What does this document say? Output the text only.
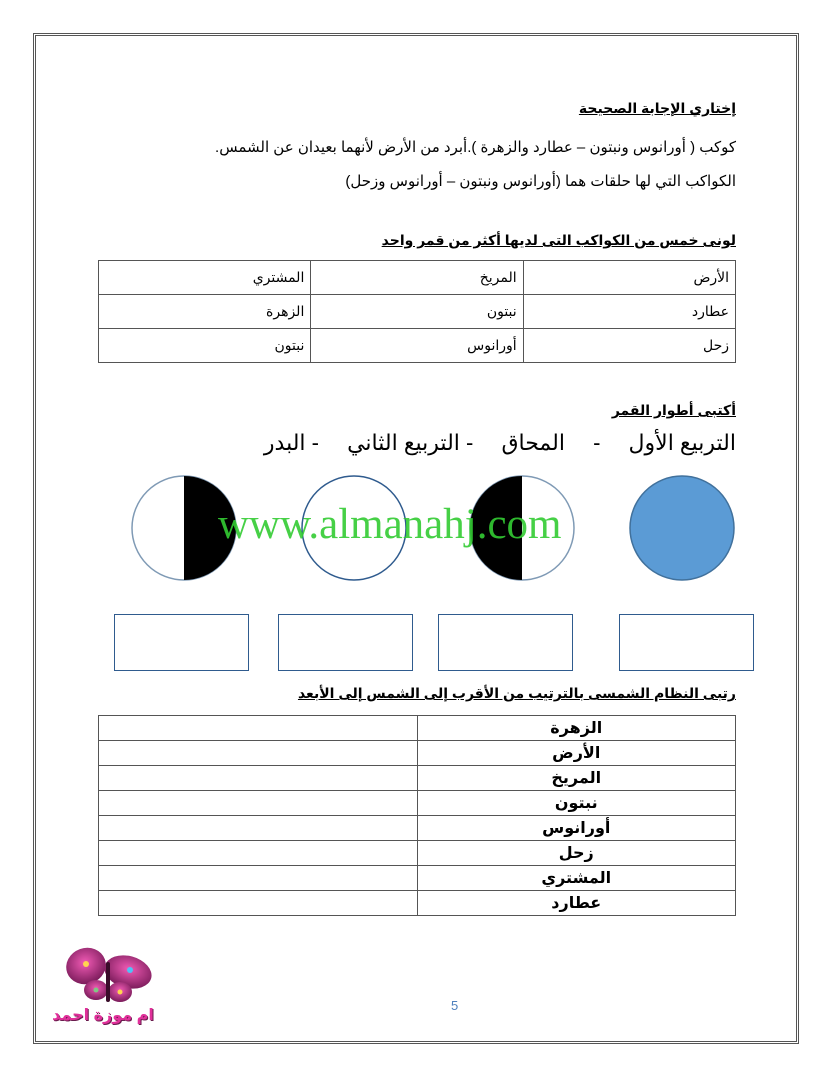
إختاري الإجابة الصحيحة
كوكب ( أورانوس ونبتون – عطارد والزهرة ).أبرد من الأرض لأنهما بعيدان عن الشمس.
الكواكب التي لها حلقات هما (أورانوس ونبتون – أورانوس وزحل)
لونى خمس من الكواكب التى لديها أكثر من قمر واحد
الأرض	المريخ	المشتري
عطارد	نبتون	الزهرة
زحل	أورانوس	نبتون
أكتبى أطوار القمر
التربيع الأول - المحاق - التربيع الثاني - البدر
www.almanahj.com
رتبى النظام الشمسى بالترتيب من الأقرب إلى الشمس إلى الأبعد
الزهرة	
الأرض	
المريخ	
نبتون	
أورانوس	
زحل	
المشتري	
عطارد	
ام موزة احمد
5
